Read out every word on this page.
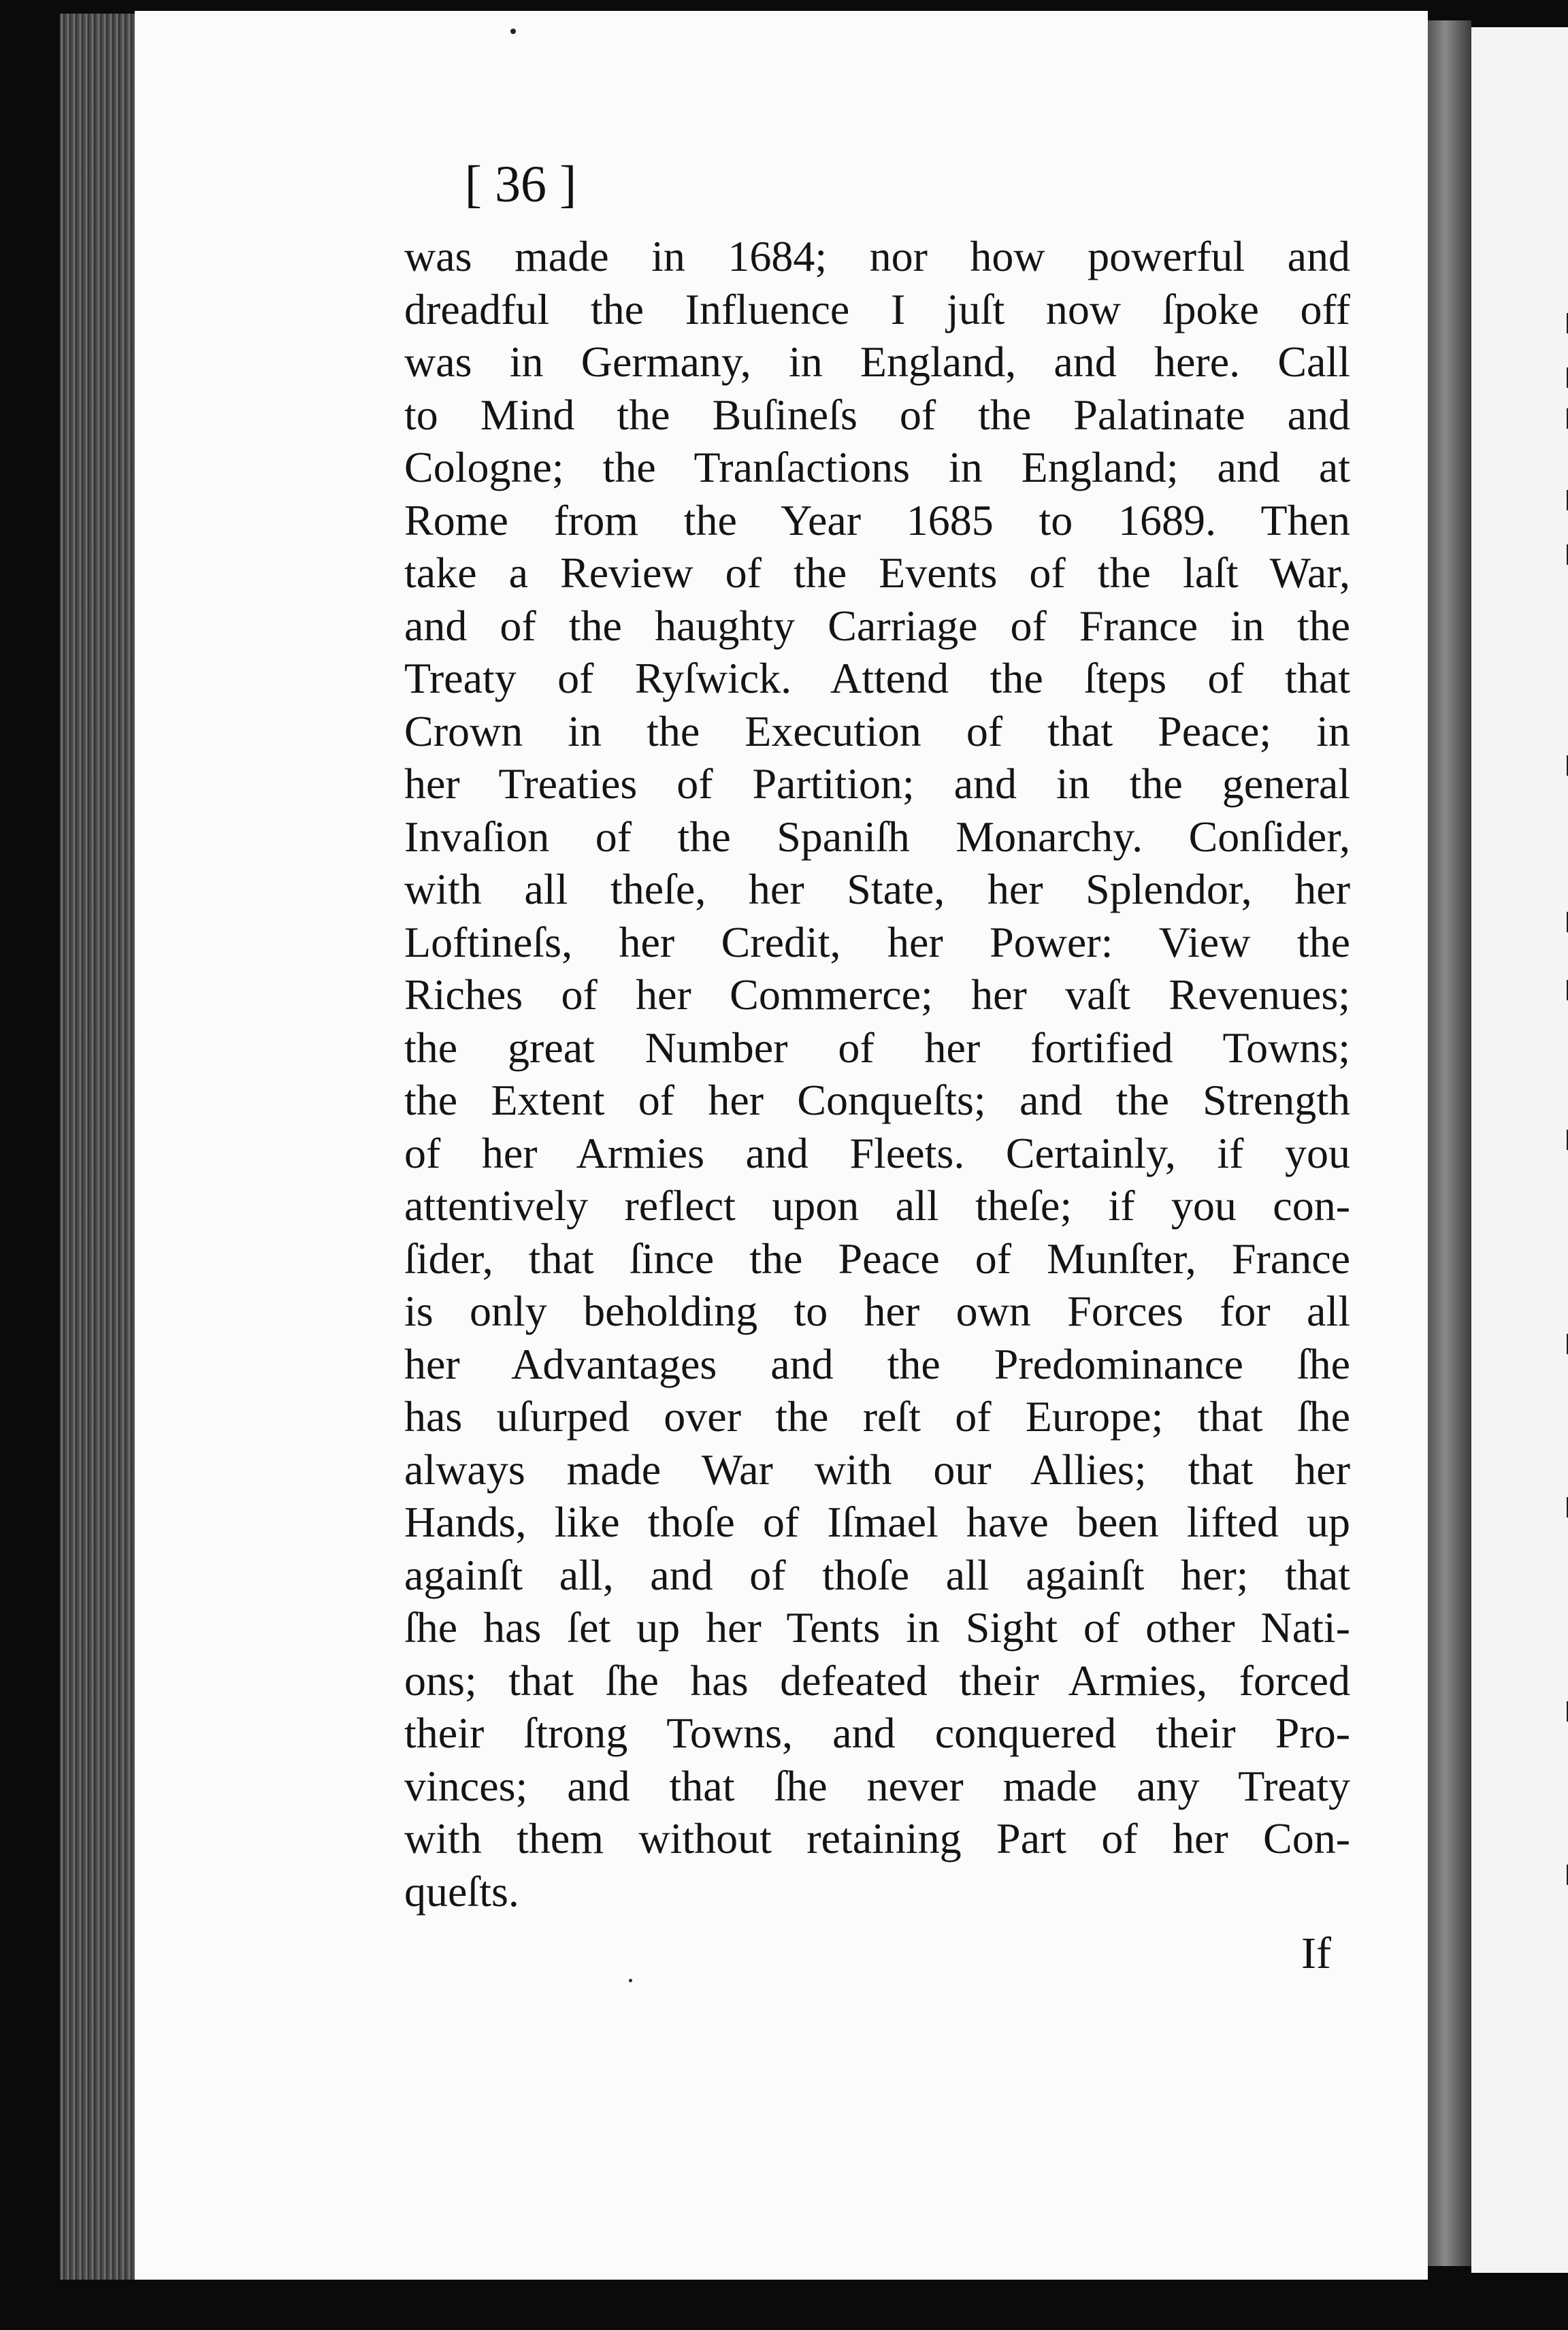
[ 36 ]
was made in 1684; nor how powerful and
dreadful the Influence I juſt now ſpoke off
was in Germany, in England, and here. Call
to Mind the Buſineſs of the Palatinate and
Cologne; the Tranſactions in England; and at
Rome from the Year 1685 to 1689. Then
take a Review of the Events of the laſt War,
and of the haughty Carriage of France in the
Treaty of Ryſwick. Attend the ſteps of that
Crown in the Execution of that Peace; in
her Treaties of Partition; and in the general
Invaſion of the Spaniſh Monarchy. Conſider,
with all theſe, her State, her Splendor, her
Loftineſs, her Credit, her Power: View the
Riches of her Commerce; her vaſt Revenues;
the great Number of her fortified Towns;
the Extent of her Conqueſts; and the Strength
of her Armies and Fleets. Certainly, if you
attentively reflect upon all theſe; if you con-
ſider, that ſince the Peace of Munſter, France
is only beholding to her own Forces for all
her Advantages and the Predominance ſhe
has uſurped over the reſt of Europe; that ſhe
always made War with our Allies; that her
Hands, like thoſe of Iſmael have been lifted up
againſt all, and of thoſe all againſt her; that
ſhe has ſet up her Tents in Sight of other Nati-
ons; that ſhe has defeated their Armies, forced
their ſtrong Towns, and conquered their Pro-
vinces; and that ſhe never made any Treaty
with them without retaining Part of her Con-
queſts.
If
